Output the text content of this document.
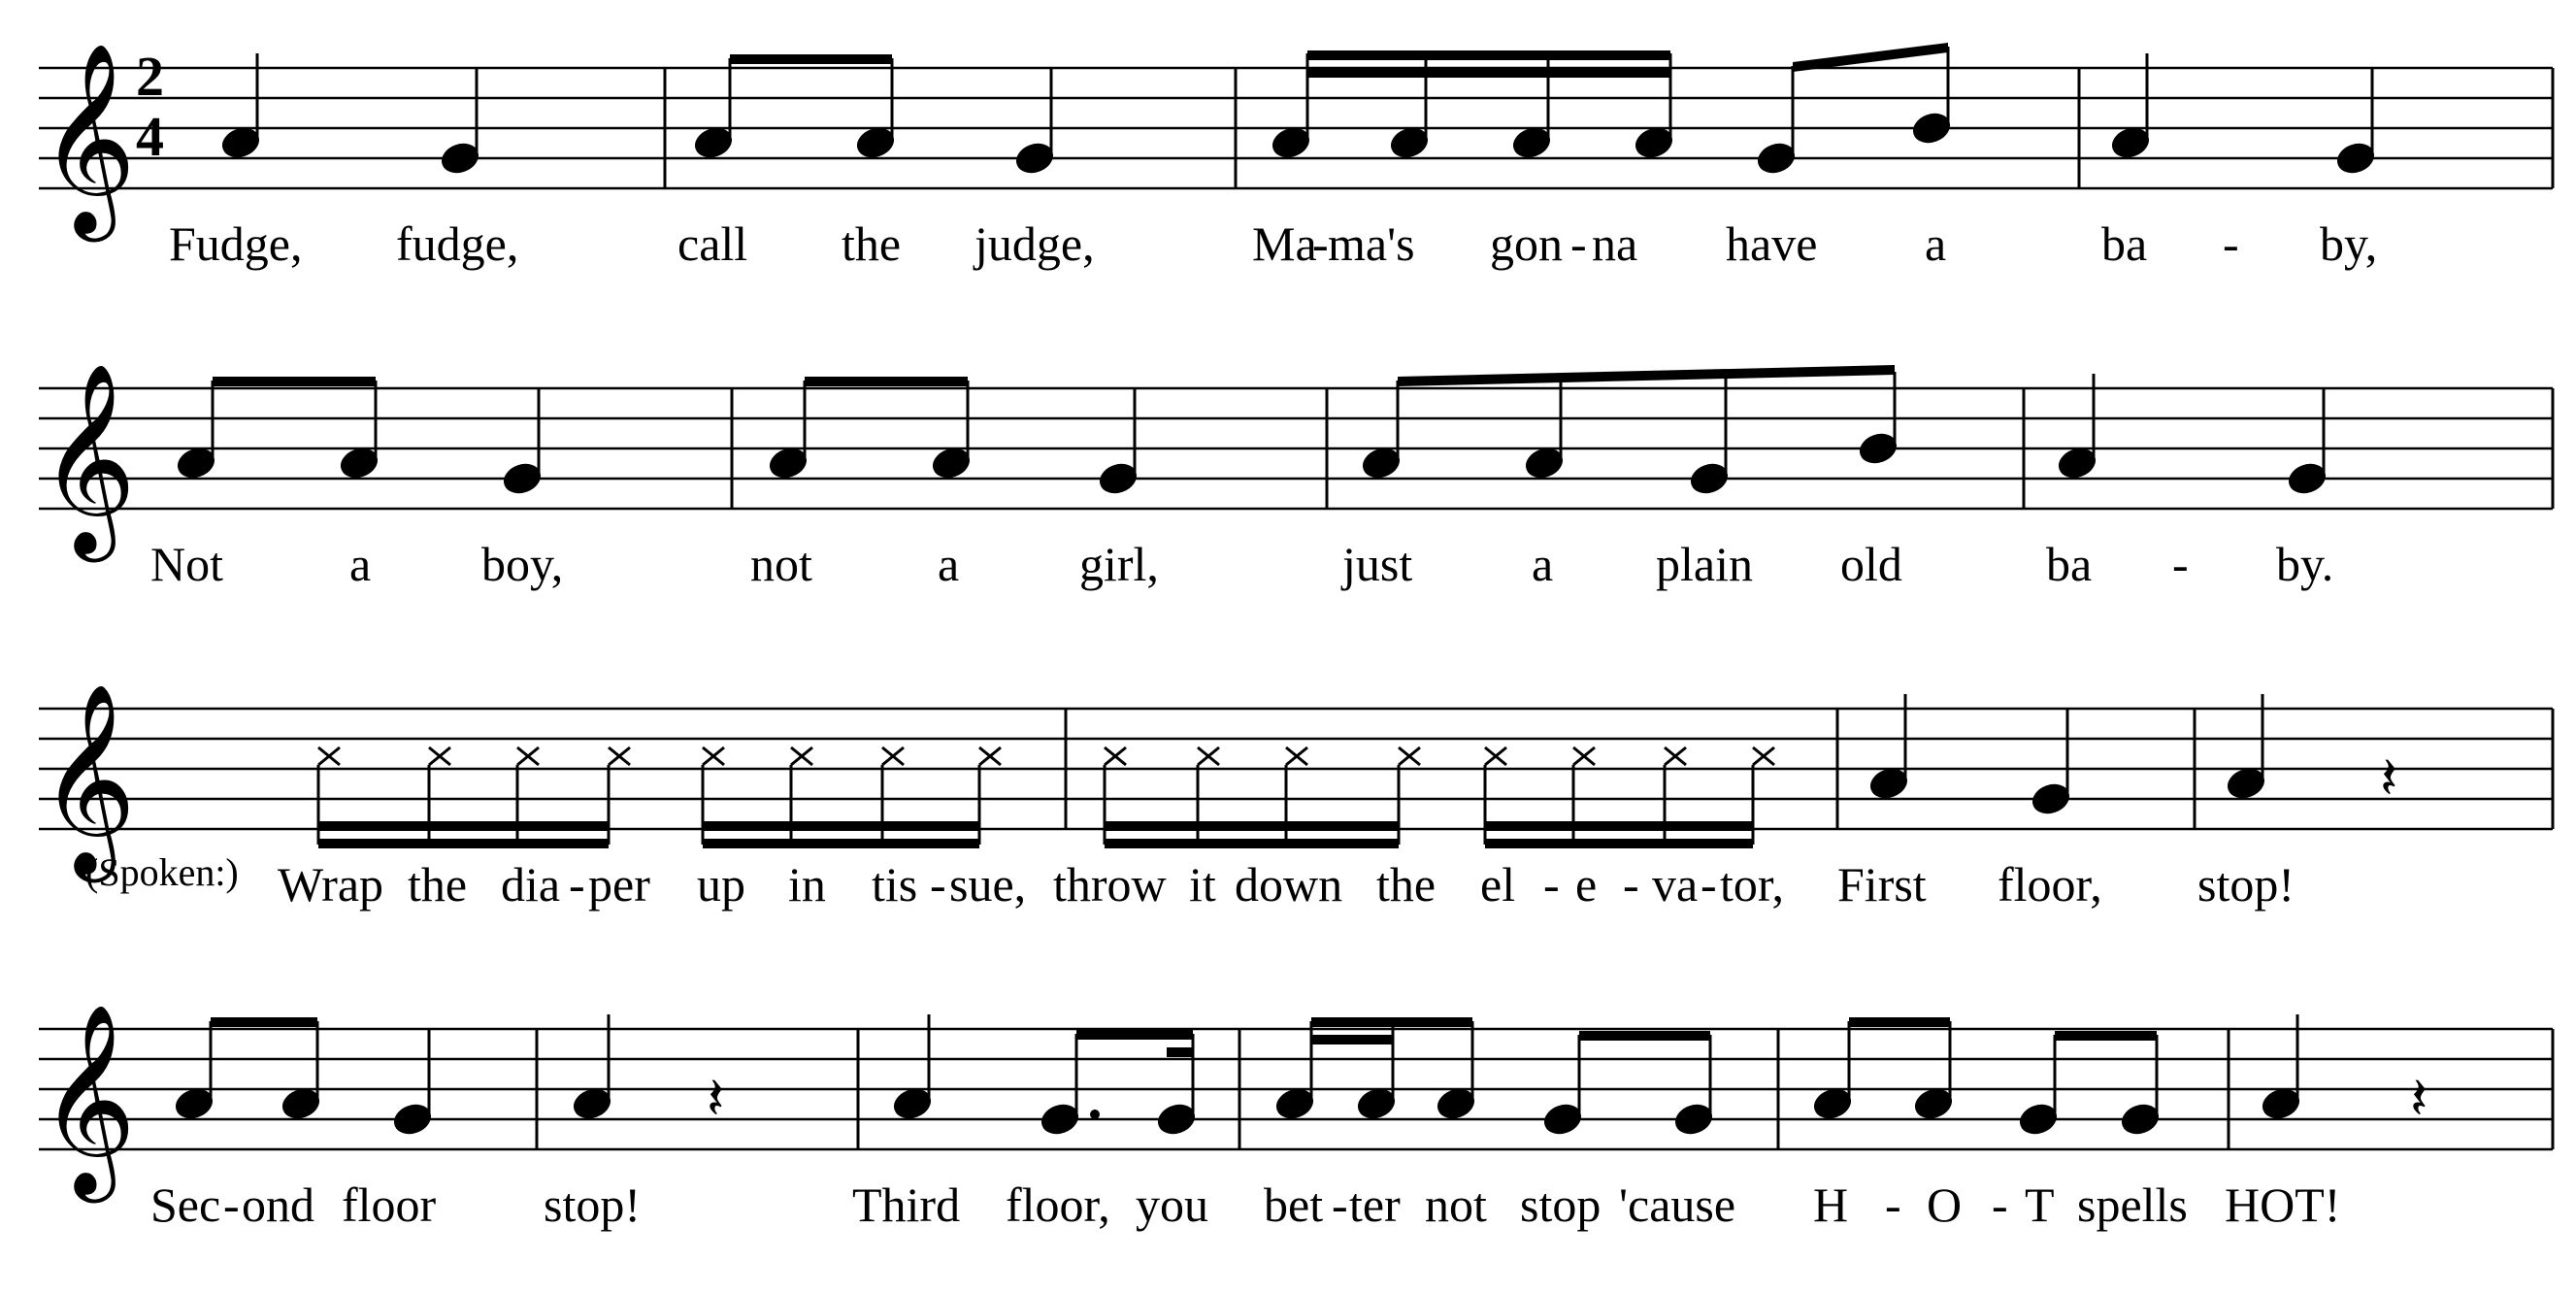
𝄞 2
4
Fudge, fudge,	call the judge,	Ma
- ma's gon - na have a	ba - by,
𝄞
Not	a boy,	not	a girl,	just a plain old	ba - by.
𝄞	𝄽
(Spoken:) Wrap the dia - per up in tis - sue, throw it down the el - e - va - tor, First floor, stop!
𝄞	𝄽	𝄽
Sec - ond floor stop!	Third floor, you bet - ter not stop 'cause H - O - T spells HOT!
